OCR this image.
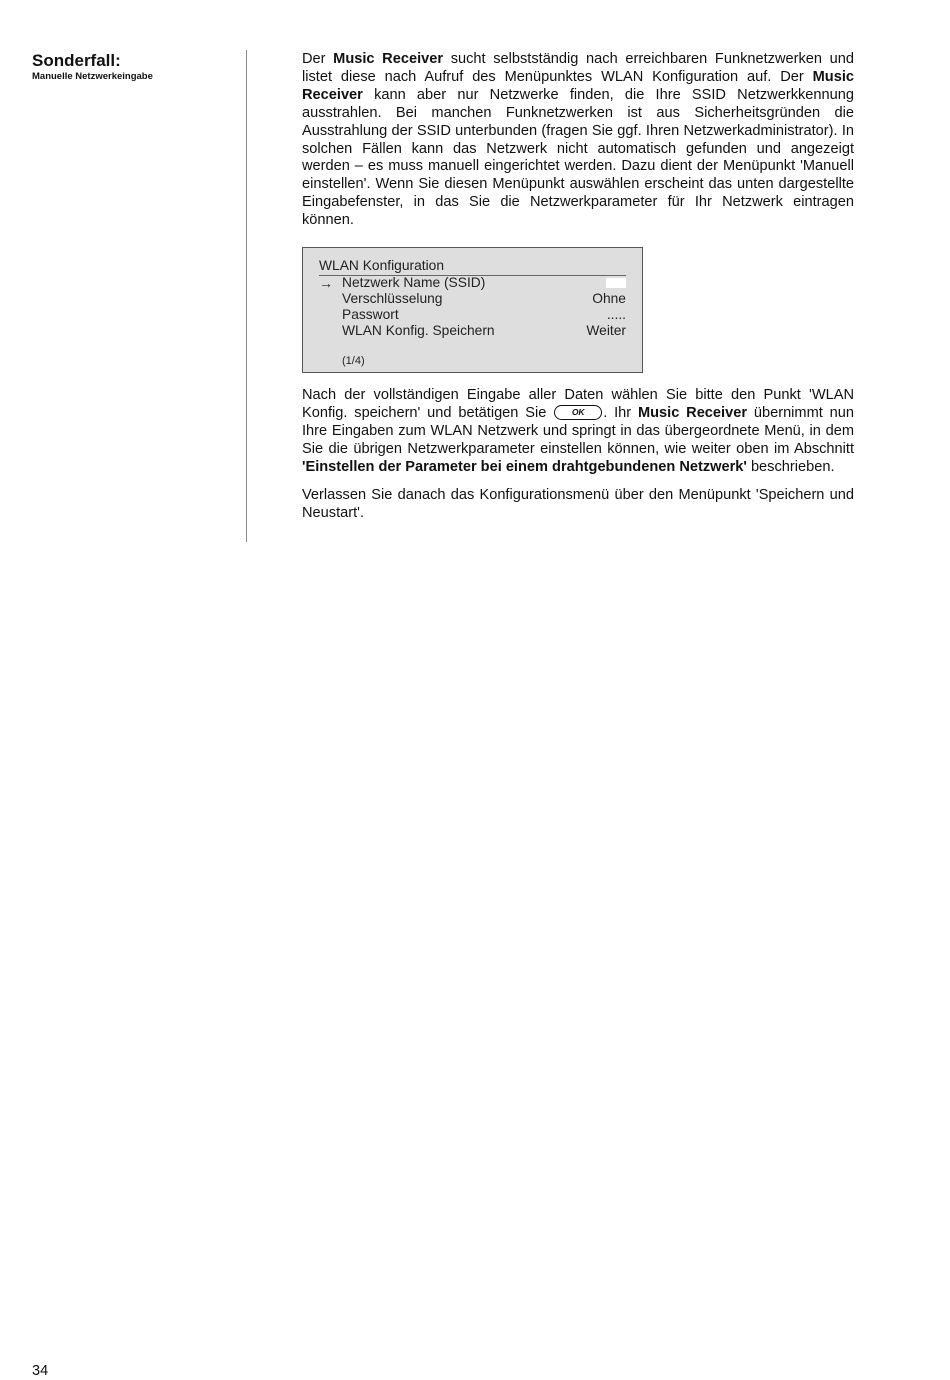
Sonderfall:
Manuelle Netzwerkeingabe

Der Music Receiver sucht selbstständig nach erreichbaren Funknetzwerken und listet diese nach Aufruf des Menüpunktes WLAN Konfiguration auf. Der Music Receiver kann aber nur Netzwerke finden, die Ihre SSID Netzwerkkennung ausstrahlen. Bei manchen Funknetzwerken ist aus Sicherheitsgründen die Ausstrahlung der SSID unterbunden (fragen Sie ggf. Ihren Netzwerkadministrator). In solchen Fällen kann das Netzwerk nicht automatisch gefunden und angezeigt werden – es muss manuell eingerichtet werden. Dazu dient der Menüpunkt 'Manuell einstellen'. Wenn Sie diesen Menüpunkt auswählen erscheint das unten dargestellte Eingabefenster, in das Sie die Netzwerkparameter für Ihr Netzwerk eintragen können.

WLAN Konfiguration
→ Netzwerk Name (SSID)
Verschlüsselung	Ohne
Passwort	.....
WLAN Konfig. Speichern	Weiter
(1/4)

Nach der vollständigen Eingabe aller Daten wählen Sie bitte den Punkt 'WLAN Konfig. speichern' und betätigen Sie OK . Ihr Music Receiver übernimmt nun Ihre Eingaben zum WLAN Netzwerk und springt in das übergeordnete Menü, in dem Sie die übrigen Netzwerkparameter einstellen können, wie weiter oben im Abschnitt 'Einstellen der Parameter bei einem drahtgebundenen Netzwerk' beschrieben.

Verlassen Sie danach das Konfigurationsmenü über den Menüpunkt 'Speichern und Neustart'.

34
